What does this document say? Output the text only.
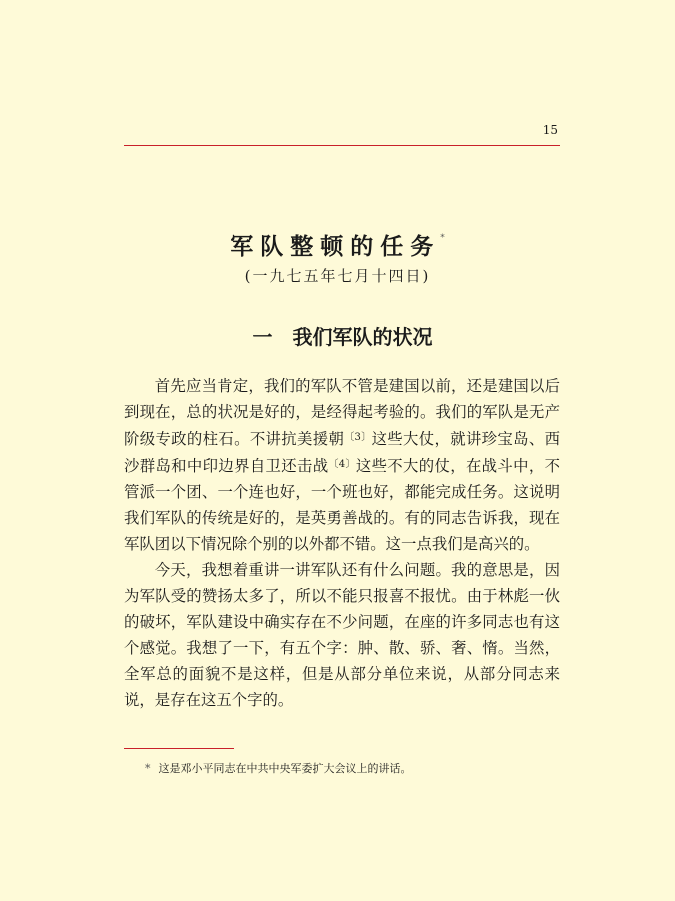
15
军队整顿的任务*
(一九七五年七月十四日)
一　我们军队的状况

首先应当肯定，我们的军队不管是建国以前，还是建国以后到现在，总的状况是好的，是经得起考验的。我们的军队是无产阶级专政的柱石。不讲抗美援朝$^{〔3〕}$这些大仗，就讲珍宝岛、西沙群岛和中印边界自卫还击战$^{〔4〕}$这些不大的仗，在战斗中，不管派一个团、一个连也好，一个班也好，都能完成任务。这说明我们军队的传统是好的，是英勇善战的。有的同志告诉我，现在军队团以下情况除个别的以外都不错。这一点我们是高兴的。

今天，我想着重讲一讲军队还有什么问题。我的意思是，因为军队受的赞扬太多了，所以不能只报喜不报忧。由于林彪一伙的破坏，军队建设中确实存在不少问题，在座的许多同志也有这个感觉。我想了一下，有五个字：肿、散、骄、奢、惰。当然，全军总的面貌不是这样，但是从部分单位来说，从部分同志来说，是存在这五个字的。

* 这是邓小平同志在中共中央军委扩大会议上的讲话。
